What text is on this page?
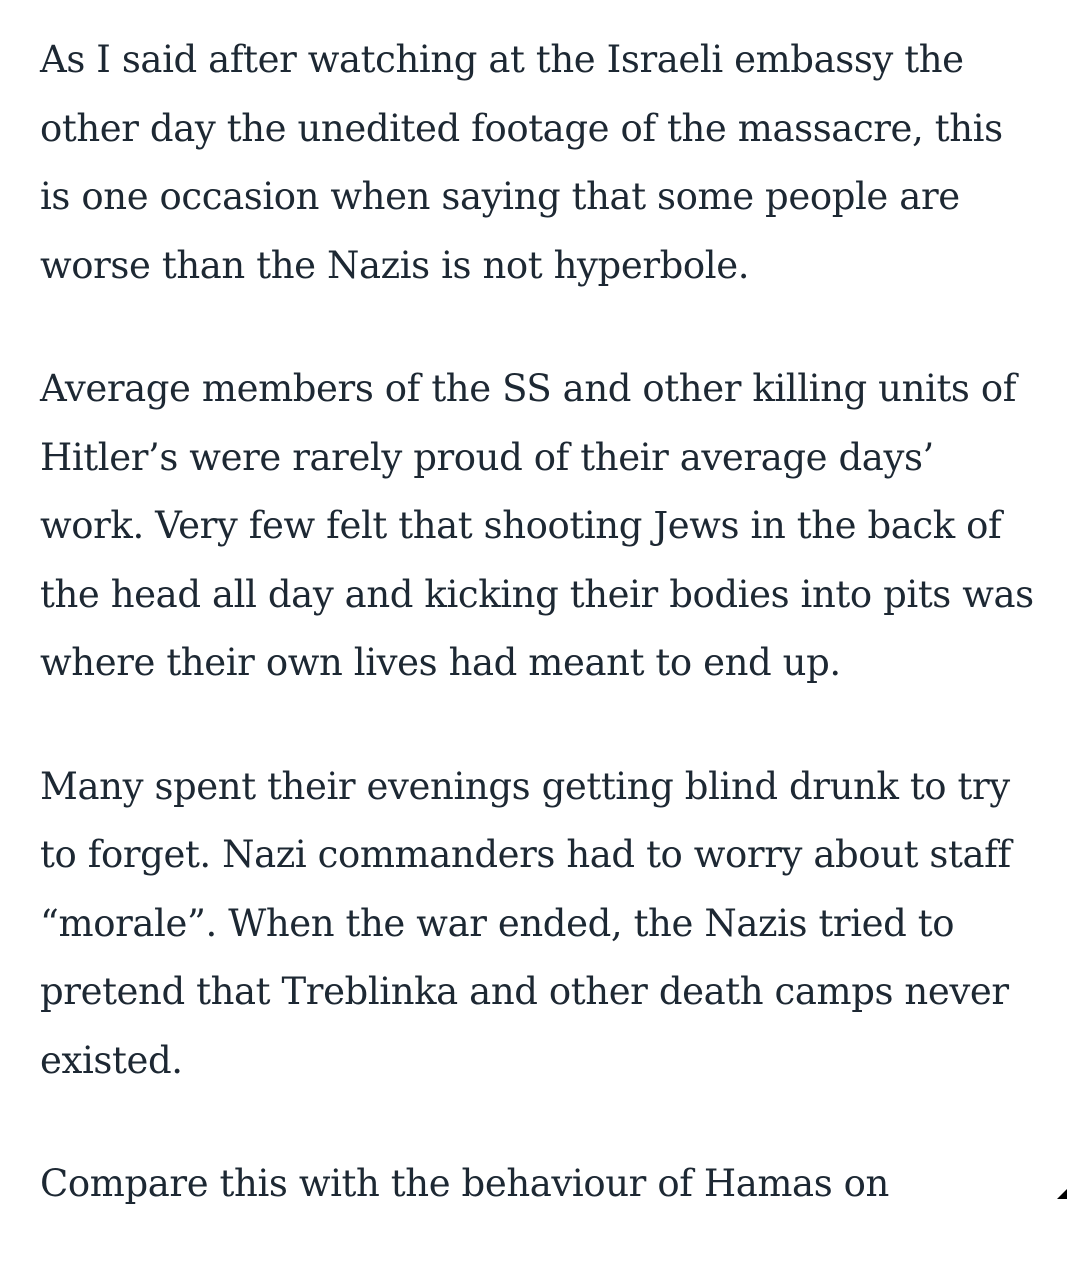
As I said after watching at the Israeli embassy the
other day the unedited footage of the massacre, this
is one occasion when saying that some people are
worse than the Nazis is not hyperbole.

Average members of the SS and other killing units of
Hitler’s were rarely proud of their average days’
work. Very few felt that shooting Jews in the back of
the head all day and kicking their bodies into pits was
where their own lives had meant to end up.

Many spent their evenings getting blind drunk to try
to forget. Nazi commanders had to worry about staff
“morale”. When the war ended, the Nazis tried to
pretend that Treblinka and other death camps never
existed.

Compare this with the behaviour of Hamas on
